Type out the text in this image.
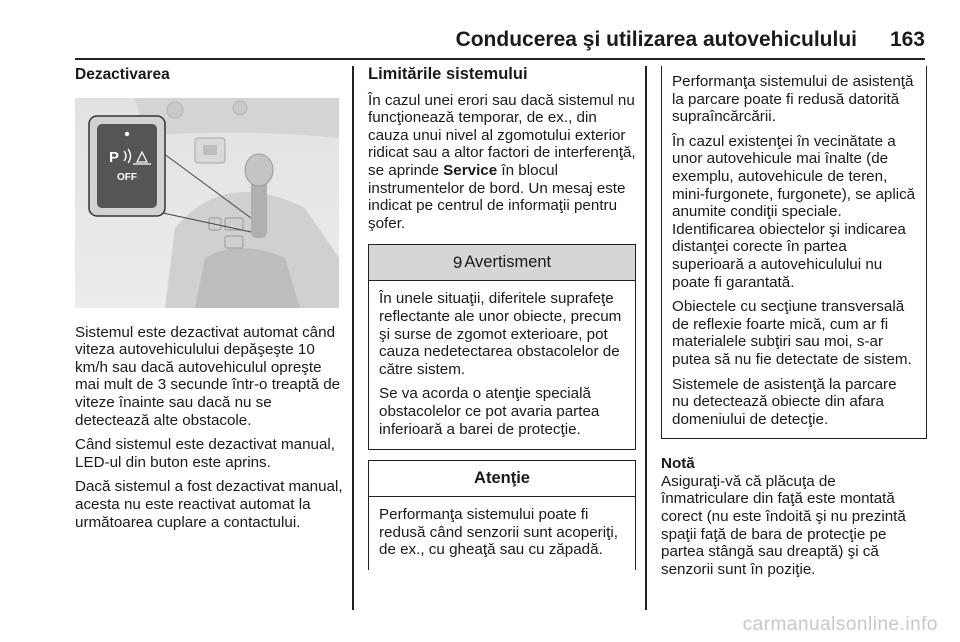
Conducerea şi utilizarea autovehiculului 163
Dezactivarea
P
OFF

Sistemul este dezactivat automat când viteza autovehiculului depăşeşte 10 km/h sau dacă autovehiculul opreşte mai mult de 3 secunde într-o treaptă de viteze înainte sau dacă nu se detectează alte obstacole.

Când sistemul este dezactivat manual, LED-ul din buton este aprins.

Dacă sistemul a fost dezactivat manual, acesta nu este reactivat automat la următoarea cuplare a contactului.

Limitările sistemului

În cazul unei erori sau dacă sistemul nu funcţionează temporar, de ex., din cauza unui nivel al zgomotului exterior ridicat sau a altor factori de interferenţă, se aprinde Service în blocul instrumentelor de bord. Un mesaj este indicat pe centrul de informaţii pentru şofer.

9 Avertisment

În unele situaţii, diferitele suprafeţe reflectante ale unor obiecte, precum şi surse de zgomot exterioare, pot cauza nedetectarea obstacolelor de către sistem.

Se va acorda o atenţie specială obstacolelor ce pot avaria partea inferioară a barei de protecţie.

Atenţie

Performanţa sistemului poate fi redusă când senzorii sunt acoperiţi, de ex., cu gheaţă sau cu zăpadă.

Performanţa sistemului de asistenţă la parcare poate fi redusă datorită supraîncărcării.

În cazul existenţei în vecinătate a unor autovehicule mai înalte (de exemplu, autovehicule de teren, mini-furgonete, furgonete), se aplică anumite condiţii speciale. Identificarea obiectelor şi indicarea distanţei corecte în partea superioară a autovehiculului nu poate fi garantată.

Obiectele cu secţiune transversală de reflexie foarte mică, cum ar fi materialele subţiri sau moi, s-ar putea să nu fie detectate de sistem.

Sistemele de asistenţă la parcare nu detectează obiecte din afara domeniului de detecţie.

Notă

Asiguraţi-vă că plăcuţa de înmatriculare din faţă este montată corect (nu este îndoită şi nu prezintă spaţii faţă de bara de protecţie pe partea stângă sau dreaptă) şi că senzorii sunt în poziţie.

carmanualsonline.info
